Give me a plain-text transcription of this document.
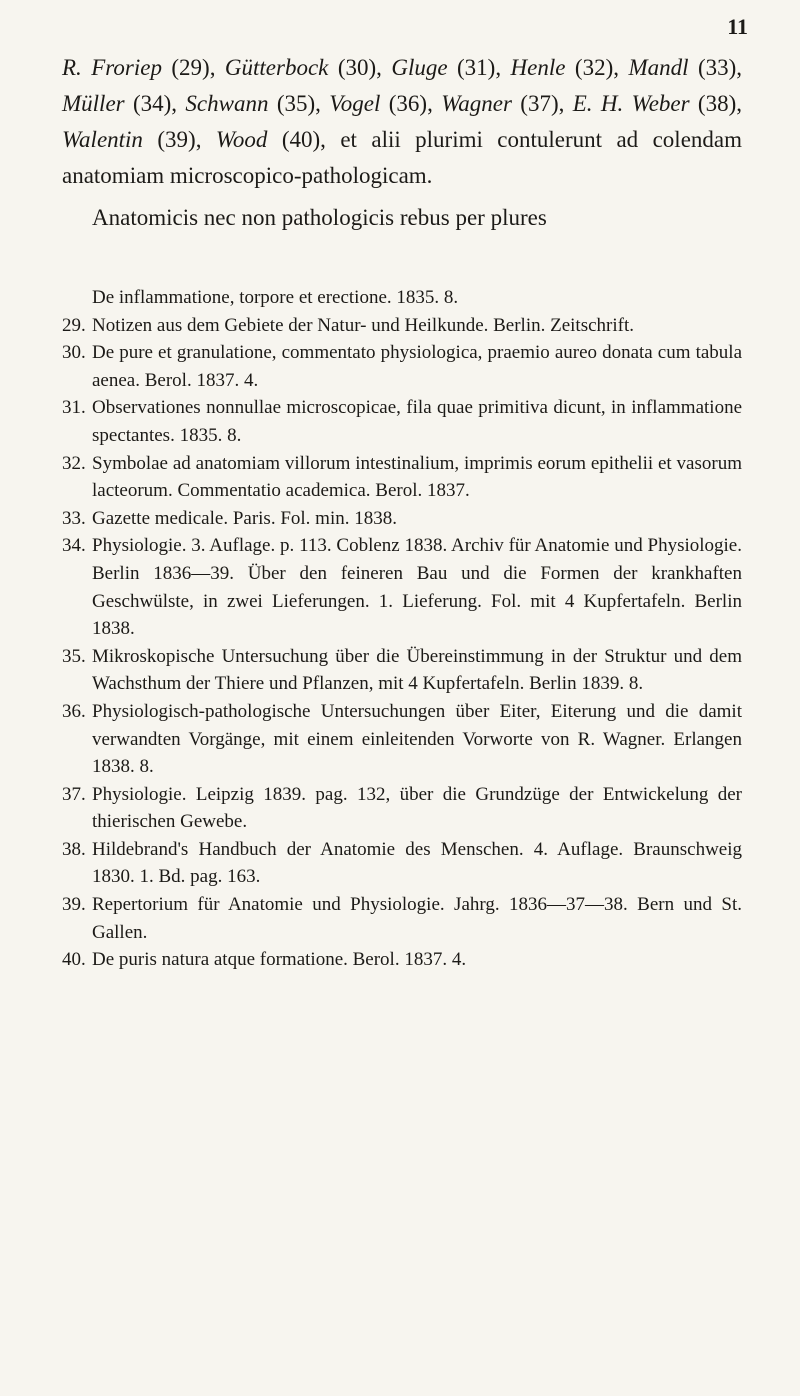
11
R. Froriep (29), Gütterbock (30), Gluge (31), Henle (32), Mandl (33), Müller (34), Schwann (35), Vogel (36), Wagner (37), E. H. Weber (38), Walentin (39), Wood (40), et alii plurimi contulerunt ad colendam anatomiam microscopico-pathologicam.
Anatomicis nec non pathologicis rebus per plures
De inflammatione, torpore et erectione. 1835. 8.
29. Notizen aus dem Gebiete der Natur- und Heilkunde. Berlin. Zeitschrift.
30. De pure et granulatione, commentato physiologica, praemio aureo donata cum tabula aenea. Berol. 1837. 4.
31. Observationes nonnullae microscopicae, fila quae primitiva dicunt, in inflammatione spectantes. 1835. 8.
32. Symbolae ad anatomiam villorum intestinalium, imprimis eorum epithelii et vasorum lacteorum. Commentatio academica. Berol. 1837.
33. Gazette medicale. Paris. Fol. min. 1838.
34. Physiologie. 3. Auflage. p. 113. Coblenz 1838. Archiv für Anatomie und Physiologie. Berlin 1836—39. Über den feineren Bau und die Formen der krankhaften Geschwülste, in zwei Lieferungen. 1. Lieferung. Fol. mit 4 Kupfertafeln. Berlin 1838.
35. Mikroskopische Untersuchung über die Übereinstimmung in der Struktur und dem Wachsthum der Thiere und Pflanzen, mit 4 Kupfertafeln. Berlin 1839. 8.
36. Physiologisch-pathologische Untersuchungen über Eiter, Eiterung und die damit verwandten Vorgänge, mit einem einleitenden Vorworte von R. Wagner. Erlangen 1838. 8.
37. Physiologie. Leipzig 1839. pag. 132, über die Grundzüge der Entwickelung der thierischen Gewebe.
38. Hildebrand's Handbuch der Anatomie des Menschen. 4. Auflage. Braunschweig 1830. 1. Bd. pag. 163.
39. Repertorium für Anatomie und Physiologie. Jahrg. 1836—37—38. Bern und St. Gallen.
40. De puris natura atque formatione. Berol. 1837. 4.
